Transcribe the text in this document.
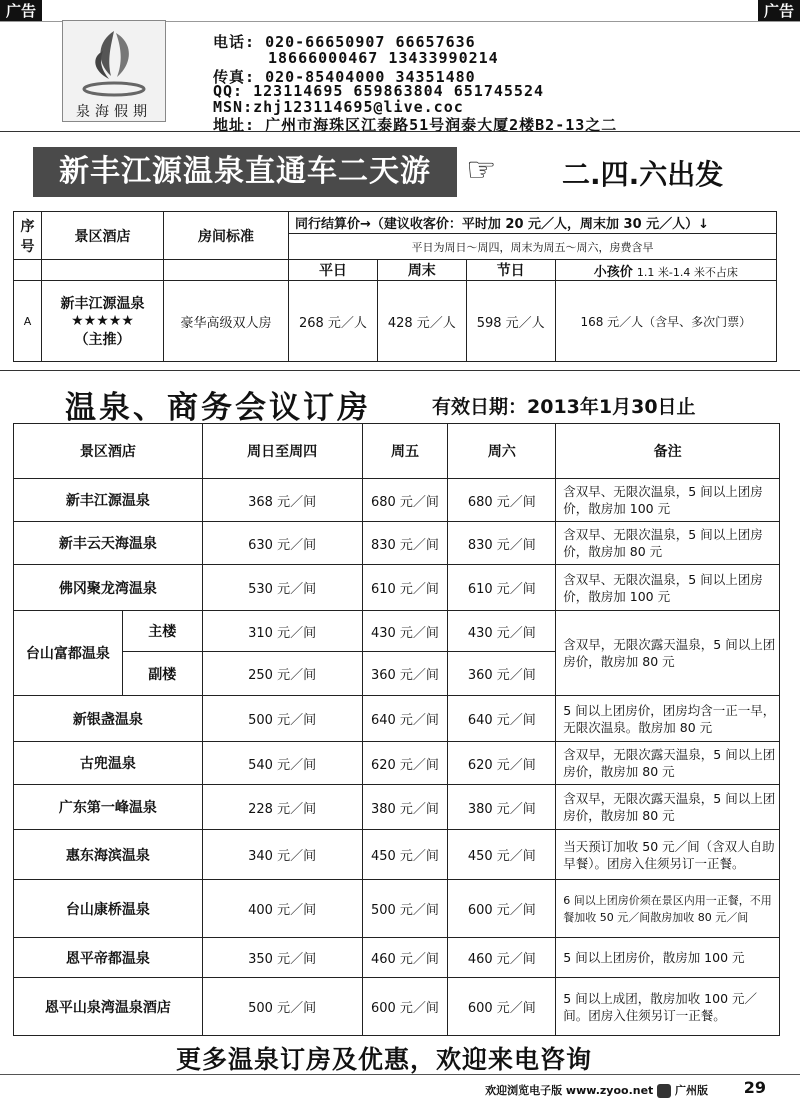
广告	广告
泉海假期
电话: 020-66650907 66657636
18666000467 13433990214
传真: 020-85404000 34351480
QQ: 123114695 659863804 651745524
MSN:zhj123114695@live.coc
地址: 广州市海珠区江泰路51号润泰大厦2楼B2-13之二
新丰江源温泉直通车二天游	☞ 二.四.六出发
序号	景区酒店	房间标准	同行结算价→（建议收客价：平时加 20 元／人，周末加 30 元／人）↓			
			平日为周日～周四，周末为周五～周六，房费含早			
			平日	周末	节日	小孩价 1.1 米-1.4 米不占床
A	新丰江源温泉
★★★★★
（主推）	豪华高级双人房	268 元／人	428 元／人	598 元／人	168 元／人（含早、多次门票）
温泉、商务会议订房	有效日期：2013年1月30日止
景区酒店		周日至周四	周五	周六	备注
新丰江源温泉		368 元／间	680 元／间	680 元／间	含双早、无限次温泉，5 间以上团房价，散房加 100 元
新丰云天海温泉		630 元／间	830 元／间	830 元／间	含双早、无限次温泉，5 间以上团房价，散房加 80 元
佛冈聚龙湾温泉		530 元／间	610 元／间	610 元／间	含双早、无限次温泉，5 间以上团房价，散房加 100 元
台山富都温泉	主楼	310 元／间	430 元／间	430 元／间	含双早，无限次露天温泉，5 间以上团房价，散房加 80 元
	副楼	250 元／间	360 元／间	360 元／间	
新银盏温泉		500 元／间	640 元／间	640 元／间	5 间以上团房价，团房均含一正一早，无限次温泉。散房加 80 元
古兜温泉		540 元／间	620 元／间	620 元／间	含双早，无限次露天温泉，5 间以上团房价，散房加 80 元
广东第一峰温泉		228 元／间	380 元／间	380 元／间	含双早，无限次露天温泉，5 间以上团房价，散房加 80 元
惠东海滨温泉		340 元／间	450 元／间	450 元／间	当天预订加收 50 元／间（含双人自助早餐）。团房入住须另订一正餐。
台山康桥温泉		400 元／间	500 元／间	600 元／间	6 间以上团房价须在景区内用一正餐，不用餐加收 50 元／间散房加收 80 元／间
恩平帝都温泉		350 元／间	460 元／间	460 元／间	5 间以上团房价，散房加 100 元
恩平山泉湾温泉酒店		500 元／间	600 元／间	600 元／间	5 间以上成团，散房加收 100 元／间。团房入住须另订一正餐。
更多温泉订房及优惠，欢迎来电咨询
欢迎浏览电子版 www.zyoo.net 广州版 29
